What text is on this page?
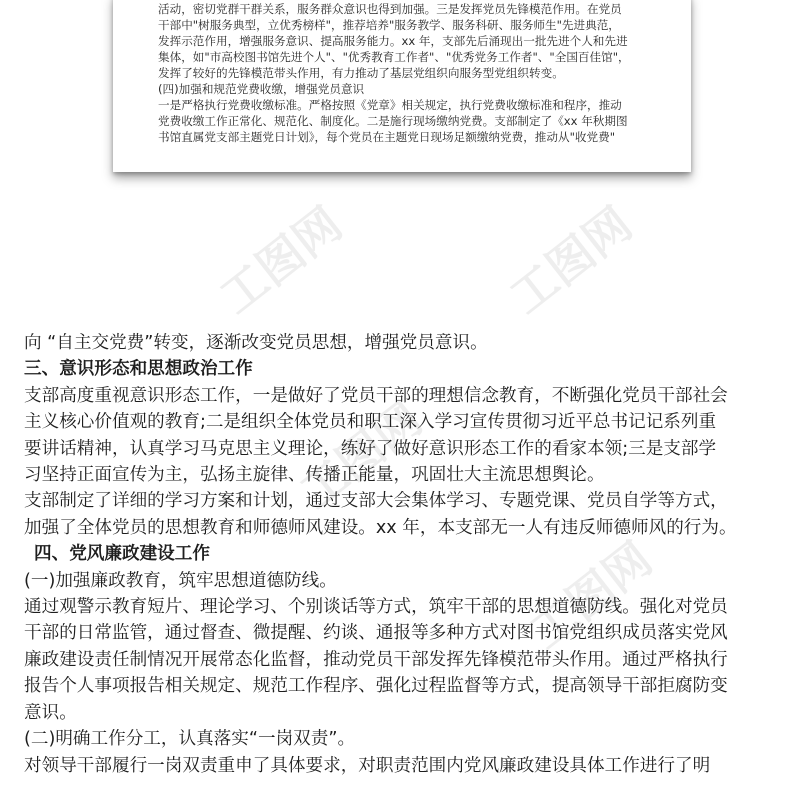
活动，密切党群干群关系，服务群众意识也得到加强。三是发挥党员先锋模范作用。在党员
干部中"树服务典型，立优秀榜样"，推荐培养"服务教学、服务科研、服务师生"先进典范，
发挥示范作用，增强服务意识、提高服务能力。xx 年，支部先后涌现出一批先进个人和先进
集体，如"市高校图书馆先进个人"、"优秀教育工作者"、"优秀党务工作者"、"全国百佳馆"，
发挥了较好的先锋模范带头作用，有力推动了基层党组织向服务型党组织转变。
(四)加强和规范党费收缴，增强党员意识
一是严格执行党费收缴标准。严格按照《党章》相关规定，执行党费收缴标准和程序，推动
党费收缴工作正常化、规范化、制度化。二是施行现场缴纳党费。支部制定了《xx 年秋期图
书馆直属党支部主题党日计划》，每个党员在主题党日现场足额缴纳党费，推动从"收党费"
工图网
工图网
向 “自主交党费”转变，逐渐改变党员思想，增强党员意识。
三、意识形态和思想政治工作
支部高度重视意识形态工作，一是做好了党员干部的理想信念教育，不断强化党员干部社会
主义核心价值观的教育;二是组织全体党员和职工深入学习宣传贯彻习近平总书记记系列重
要讲话精神，认真学习马克思主义理论，练好了做好意识形态工作的看家本领;三是支部学
习坚持正面宣传为主，弘扬主旋律、传播正能量，巩固壮大主流思想舆论。
支部制定了详细的学习方案和计划，通过支部大会集体学习、专题党课、党员自学等方式，
加强了全体党员的思想教育和师德师风建设。xx 年，本支部无一人有违反师德师风的行为。
四、党风廉政建设工作
(一)加强廉政教育，筑牢思想道德防线。
通过观警示教育短片、理论学习、个别谈话等方式，筑牢干部的思想道德防线。强化对党员
干部的日常监管，通过督查、微提醒、约谈、通报等多种方式对图书馆党组织成员落实党风
廉政建设责任制情况开展常态化监督，推动党员干部发挥先锋模范带头作用。通过严格执行
报告个人事项报告相关规定、规范工作程序、强化过程监督等方式，提高领导干部拒腐防变
意识。
(二)明确工作分工，认真落实“一岗双责”。
对领导干部履行一岗双责重申了具体要求，对职责范围内党风廉政建设具体工作进行了明
